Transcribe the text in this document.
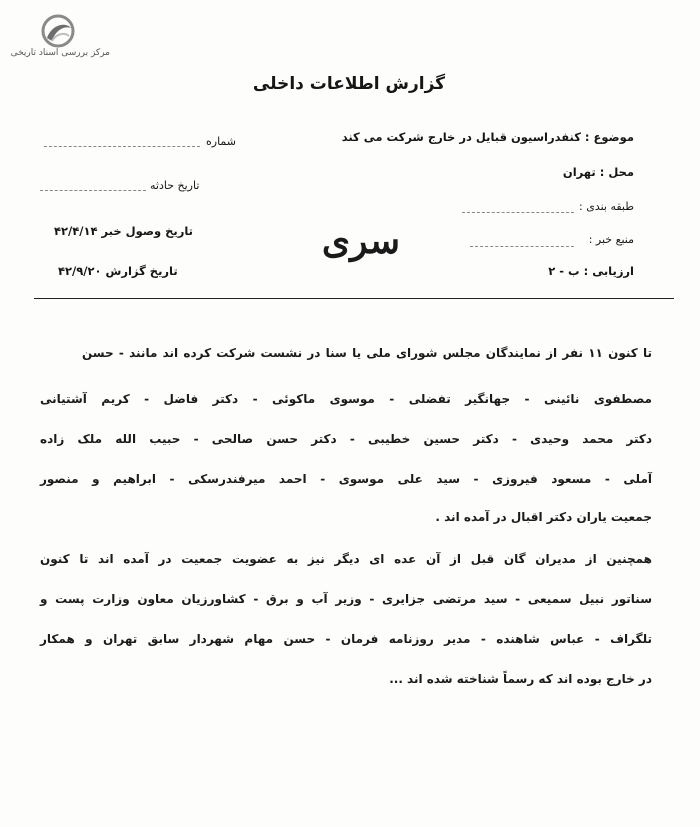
مرکز بررسی اسناد تاریخی
گزارش اطلاعات داخلی
موضوع : کنفدراسیون قبایل در خارج شرکت می کند
محل : تهران
طبقه بندی :
منبع خبر :
ارزیابی : ب - ۲
شماره
تاریخ حادثه
تاریخ وصول خبر ۴۲/۴/۱۴
تاریخ گزارش ۴۲/۹/۲۰
سری
تا کنون ۱۱ نفر از نمایندگان مجلس شورای ملی یا سنا در نشست شرکت کرده اند مانند - حسن
مصطفوی نائینی - جهانگیر تفضلی - موسوی ماکوئی - دکتر فاضل - کریم آشتیانی
دکتر محمد وحیدی - دکتر حسین خطیبی - دکتر حسن صالحی - حبیب الله ملک زاده
آملی - مسعود فیروزی - سید علی موسوی - احمد میرفندرسکی - ابراهیم و منصور
جمعیت یاران دکتر اقبال در آمده اند .
همچنین از مدیران گان قبل از آن عده ای دیگر نیز به عضویت جمعیت در آمده اند تا کنون
سناتور نبیل سمیعی - سید مرتضی جزایری - وزیر آب و برق - کشاورزیان معاون وزارت پست و
تلگراف - عباس شاهنده - مدیر روزنامه فرمان - حسن مهام شهردار سابق تهران و همکار
در خارج بوده اند که رسماً شناخته شده اند ...
